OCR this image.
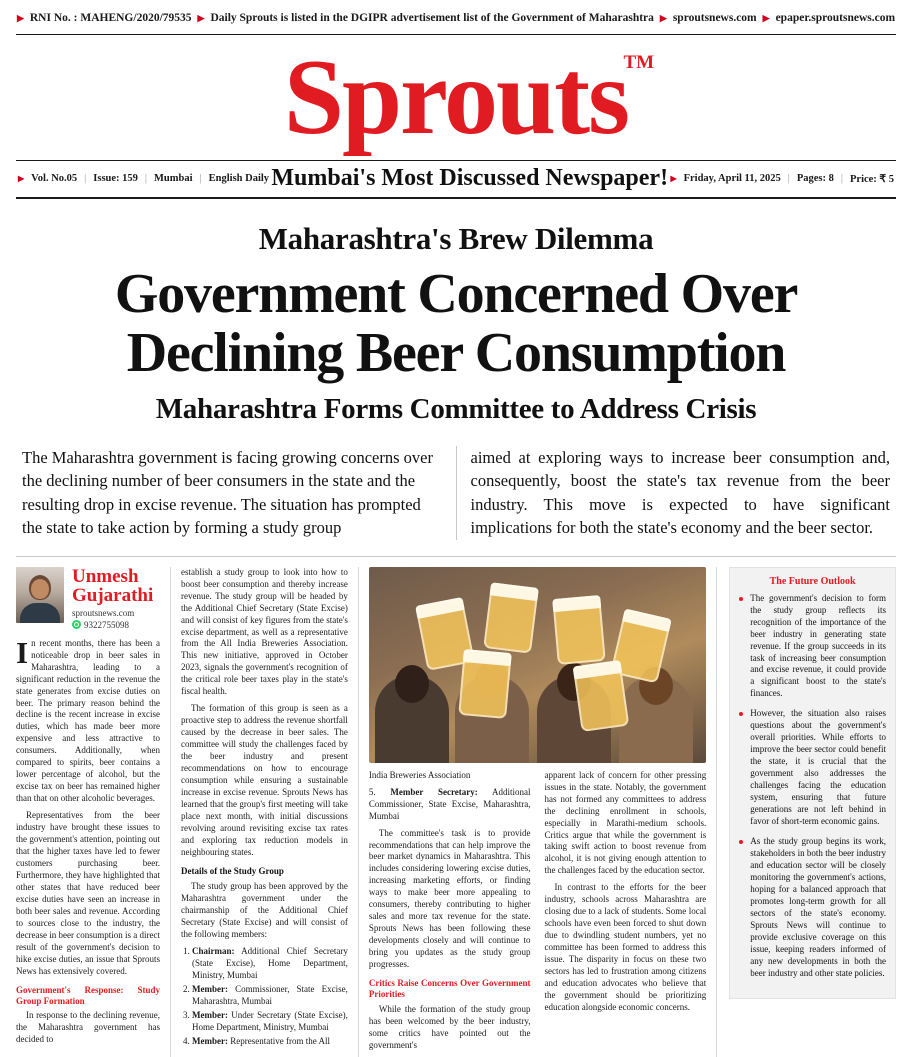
▶ RNI No. : MAHENG/2020/79535 ▶ Daily Sprouts is listed in the DGIPR advertisement list of the Government of Maharashtra ▶ sproutsnews.com ▶ epaper.sproutsnews.com
Sprouts
TM
▶ Vol. No.05 | Issue: 159 | Mumbai | English Daily Mumbai's Most Discussed Newspaper! ▶ Friday, April 11, 2025 | Pages: 8 | Price: ₹ 5
Maharashtra's Brew Dilemma
Government Concerned Over
Declining Beer Consumption
Maharashtra Forms Committee to Address Crisis
The Maharashtra government is facing growing concerns over the declining number of beer consumers in the state and the resulting drop in excise revenue. The situation has prompted the state to take action by forming a study group
aimed at exploring ways to increase beer consumption and, consequently, boost the state's tax revenue from the beer industry. This move is expected to have significant implications for both the state's economy and the beer sector.
Unmesh
Gujarathi
sproutsnews.com
9322755098

In recent months, there has been a noticeable drop in beer sales in Maharashtra, leading to a significant reduction in the revenue the state generates from excise duties on beer. The primary reason behind the decline is the recent increase in excise duties, which has made beer more expensive and less attractive to consumers. Additionally, when compared to spirits, beer contains a lower percentage of alcohol, but the excise tax on beer has remained higher than that on other alcoholic beverages.

Representatives from the beer industry have brought these issues to the government's attention, pointing out that the higher taxes have led to fewer customers purchasing beer. Furthermore, they have highlighted that other states that have reduced beer excise duties have seen an increase in both beer sales and revenue. According to sources close to the industry, the decrease in beer consumption is a direct result of the government's decision to hike excise duties, an issue that Sprouts News has extensively covered.

Government's Response: Study Group Formation

In response to the declining revenue, the Maharashtra government has decided to

establish a study group to look into how to boost beer consumption and thereby increase revenue. The study group will be headed by the Additional Chief Secretary (State Excise) and will consist of key figures from the state's excise department, as well as a representative from the All India Breweries Association. This new initiative, approved in October 2023, signals the government's recognition of the critical role beer taxes play in the state's fiscal health.

The formation of this group is seen as a proactive step to address the revenue shortfall caused by the decrease in beer sales. The committee will study the challenges faced by the beer industry and present recommendations on how to encourage consumption while ensuring a sustainable increase in excise revenue. Sprouts News has learned that the group's first meeting will take place next month, with initial discussions revolving around revisiting excise tax rates and exploring tax reduction models in neighbouring states.

Details of the Study Group

The study group has been approved by the Maharashtra government under the chairmanship of the Additional Chief Secretary (State Excise) and will consist of the following members:

1. Chairman: Additional Chief Secretary (State Excise), Home Department, Ministry, Mumbai
2. Member: Commissioner, State Excise, Maharashtra, Mumbai
3. Member: Under Secretary (State Excise), Home Department, Ministry, Mumbai
4. Member: Representative from the All

India Breweries Association

5. Member Secretary: Additional Commissioner, State Excise, Maharashtra, Mumbai

The committee's task is to provide recommendations that can help improve the beer market dynamics in Maharashtra. This includes considering lowering excise duties, increasing marketing efforts, or finding ways to make beer more appealing to consumers, thereby contributing to higher sales and more tax revenue for the state. Sprouts News has been following these developments closely and will continue to bring you updates as the study group progresses.

Critics Raise Concerns Over Government Priorities

While the formation of the study group has been welcomed by the beer industry, some critics have pointed out the government's

apparent lack of concern for other pressing issues in the state. Notably, the government has not formed any committees to address the declining enrollment in schools, especially in Marathi-medium schools. Critics argue that while the government is taking swift action to boost revenue from alcohol, it is not giving enough attention to the challenges faced by the education sector.

In contrast to the efforts for the beer industry, schools across Maharashtra are closing due to a lack of students. Some local schools have even been forced to shut down due to dwindling student numbers, yet no committee has been formed to address this issue. The disparity in focus on these two sectors has led to frustration among citizens and education advocates who believe that the government should be prioritizing education alongside economic concerns.

The Future Outlook
The government's decision to form the study group reflects its recognition of the importance of the beer industry in generating state revenue. If the group succeeds in its task of increasing beer consumption and excise revenue, it could provide a significant boost to the state's finances.
However, the situation also raises questions about the government's overall priorities. While efforts to improve the beer sector could benefit the state, it is crucial that the government also addresses the challenges facing the education system, ensuring that future generations are not left behind in favor of short-term economic gains.
As the study group begins its work, stakeholders in both the beer industry and education sector will be closely monitoring the government's actions, hoping for a balanced approach that promotes long-term growth for all sectors of the state's economy. Sprouts News will continue to provide exclusive coverage on this issue, keeping readers informed of any new developments in both the beer industry and other state policies.
